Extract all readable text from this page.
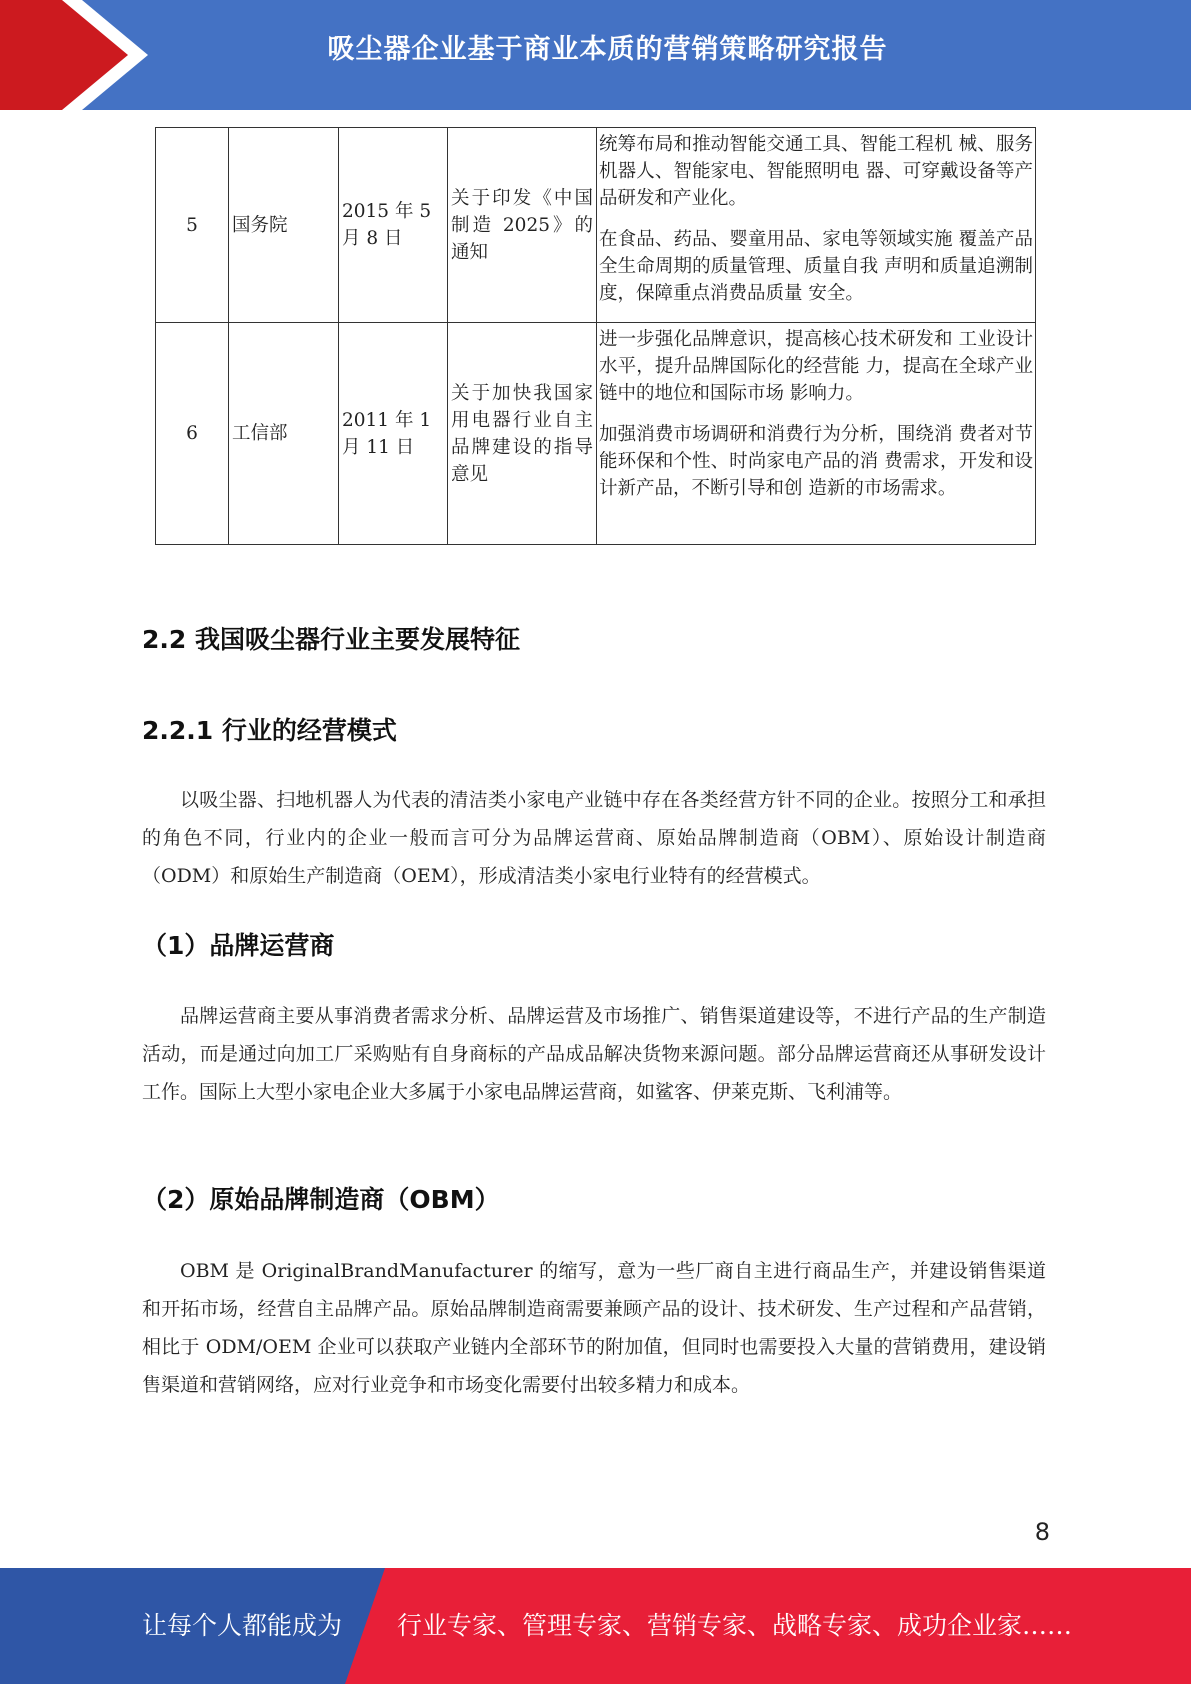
吸尘器企业基于商业本质的营销策略研究报告
5	国务院	2015 年 5 月 8 日	关于印发《中国制造 2025》的通知	统筹布局和推动智能交通工具、智能工程机 械、服务机器人、智能家电、智能照明电 器、可穿戴设备等产品研发和产业化。

在食品、药品、婴童用品、家电等领域实施 覆盖产品全生命周期的质量管理、质量自我 声明和质量追溯制度，保障重点消费品质量 安全。

6	工信部	2011 年 1 月 11 日	关于加快我国家用电器行业自主品牌建设的指导意见	进一步强化品牌意识，提高核心技术研发和 工业设计水平，提升品牌国际化的经营能 力，提高在全球产业链中的地位和国际市场 影响力。

加强消费市场调研和消费行为分析，围绕消 费者对节能环保和个性、时尚家电产品的消 费需求，开发和设计新产品，不断引导和创 造新的市场需求。

2.2 我国吸尘器行业主要发展特征
2.2.1 行业的经营模式

以吸尘器、扫地机器人为代表的清洁类小家电产业链中存在各类经营方针不同的企业。按照分工和承担的角色不同，行业内的企业一般而言可分为品牌运营商、原始品牌制造商（OBM）、原始设计制造商（ODM）和原始生产制造商（OEM），形成清洁类小家电行业特有的经营模式。

（1）品牌运营商

品牌运营商主要从事消费者需求分析、品牌运营及市场推广、销售渠道建设等，不进行产品的生产制造活动，而是通过向加工厂采购贴有自身商标的产品成品解决货物来源问题。部分品牌运营商还从事研发设计工作。国际上大型小家电企业大多属于小家电品牌运营商，如鲨客、伊莱克斯、飞利浦等。

（2）原始品牌制造商（OBM）

OBM 是 OriginalBrandManufacturer 的缩写，意为一些厂商自主进行商品生产，并建设销售渠道和开拓市场，经营自主品牌产品。原始品牌制造商需要兼顾产品的设计、技术研发、生产过程和产品营销，相比于 ODM/OEM 企业可以获取产业链内全部环节的附加值，但同时也需要投入大量的营销费用，建设销售渠道和营销网络，应对行业竞争和市场变化需要付出较多精力和成本。

8
让每个人都能成为 行业专家、管理专家、营销专家、战略专家、成功企业家……
